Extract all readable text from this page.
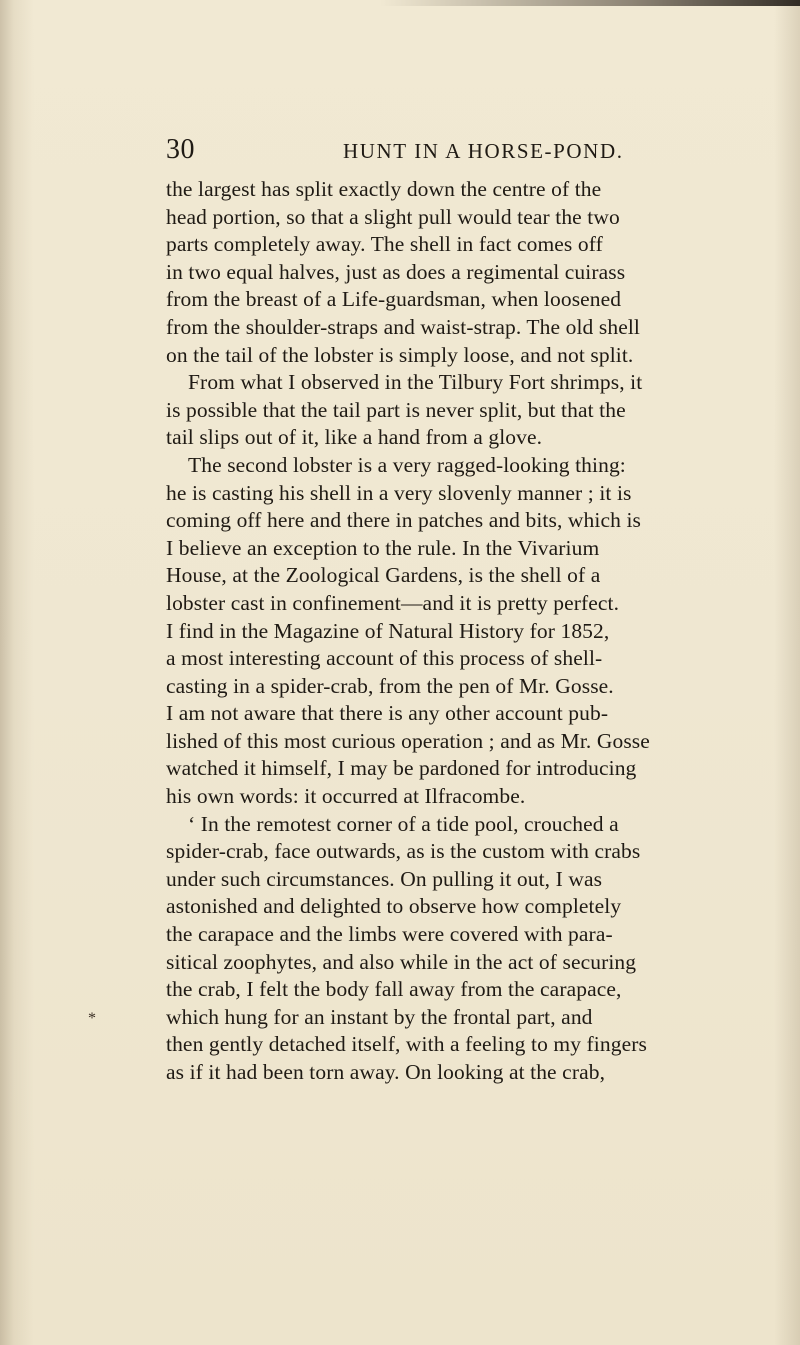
30	HUNT IN A HORSE-POND.
*
the largest has split exactly down the centre of the
head portion, so that a slight pull would tear the two
parts completely away. The shell in fact comes off
in two equal halves, just as does a regimental cuirass
from the breast of a Life-guardsman, when loosened
from the shoulder-straps and waist-strap. The old shell
on the tail of the lobster is simply loose, and not split.
From what I observed in the Tilbury Fort shrimps, it
is possible that the tail part is never split, but that the
tail slips out of it, like a hand from a glove.
The second lobster is a very ragged-looking thing:
he is casting his shell in a very slovenly manner ; it is
coming off here and there in patches and bits, which is
I believe an exception to the rule. In the Vivarium
House, at the Zoological Gardens, is the shell of a
lobster cast in confinement—and it is pretty perfect.
I find in the Magazine of Natural History for 1852,
a most interesting account of this process of shell-
casting in a spider-crab, from the pen of Mr. Gosse.
I am not aware that there is any other account pub-
lished of this most curious operation ; and as Mr. Gosse
watched it himself, I may be pardoned for introducing
his own words: it occurred at Ilfracombe.
‘ In the remotest corner of a tide pool, crouched a
spider-crab, face outwards, as is the custom with crabs
under such circumstances. On pulling it out, I was
astonished and delighted to observe how completely
the carapace and the limbs were covered with para-
sitical zoophytes, and also while in the act of securing
the crab, I felt the body fall away from the carapace,
which hung for an instant by the frontal part, and
then gently detached itself, with a feeling to my fingers
as if it had been torn away. On looking at the crab,
